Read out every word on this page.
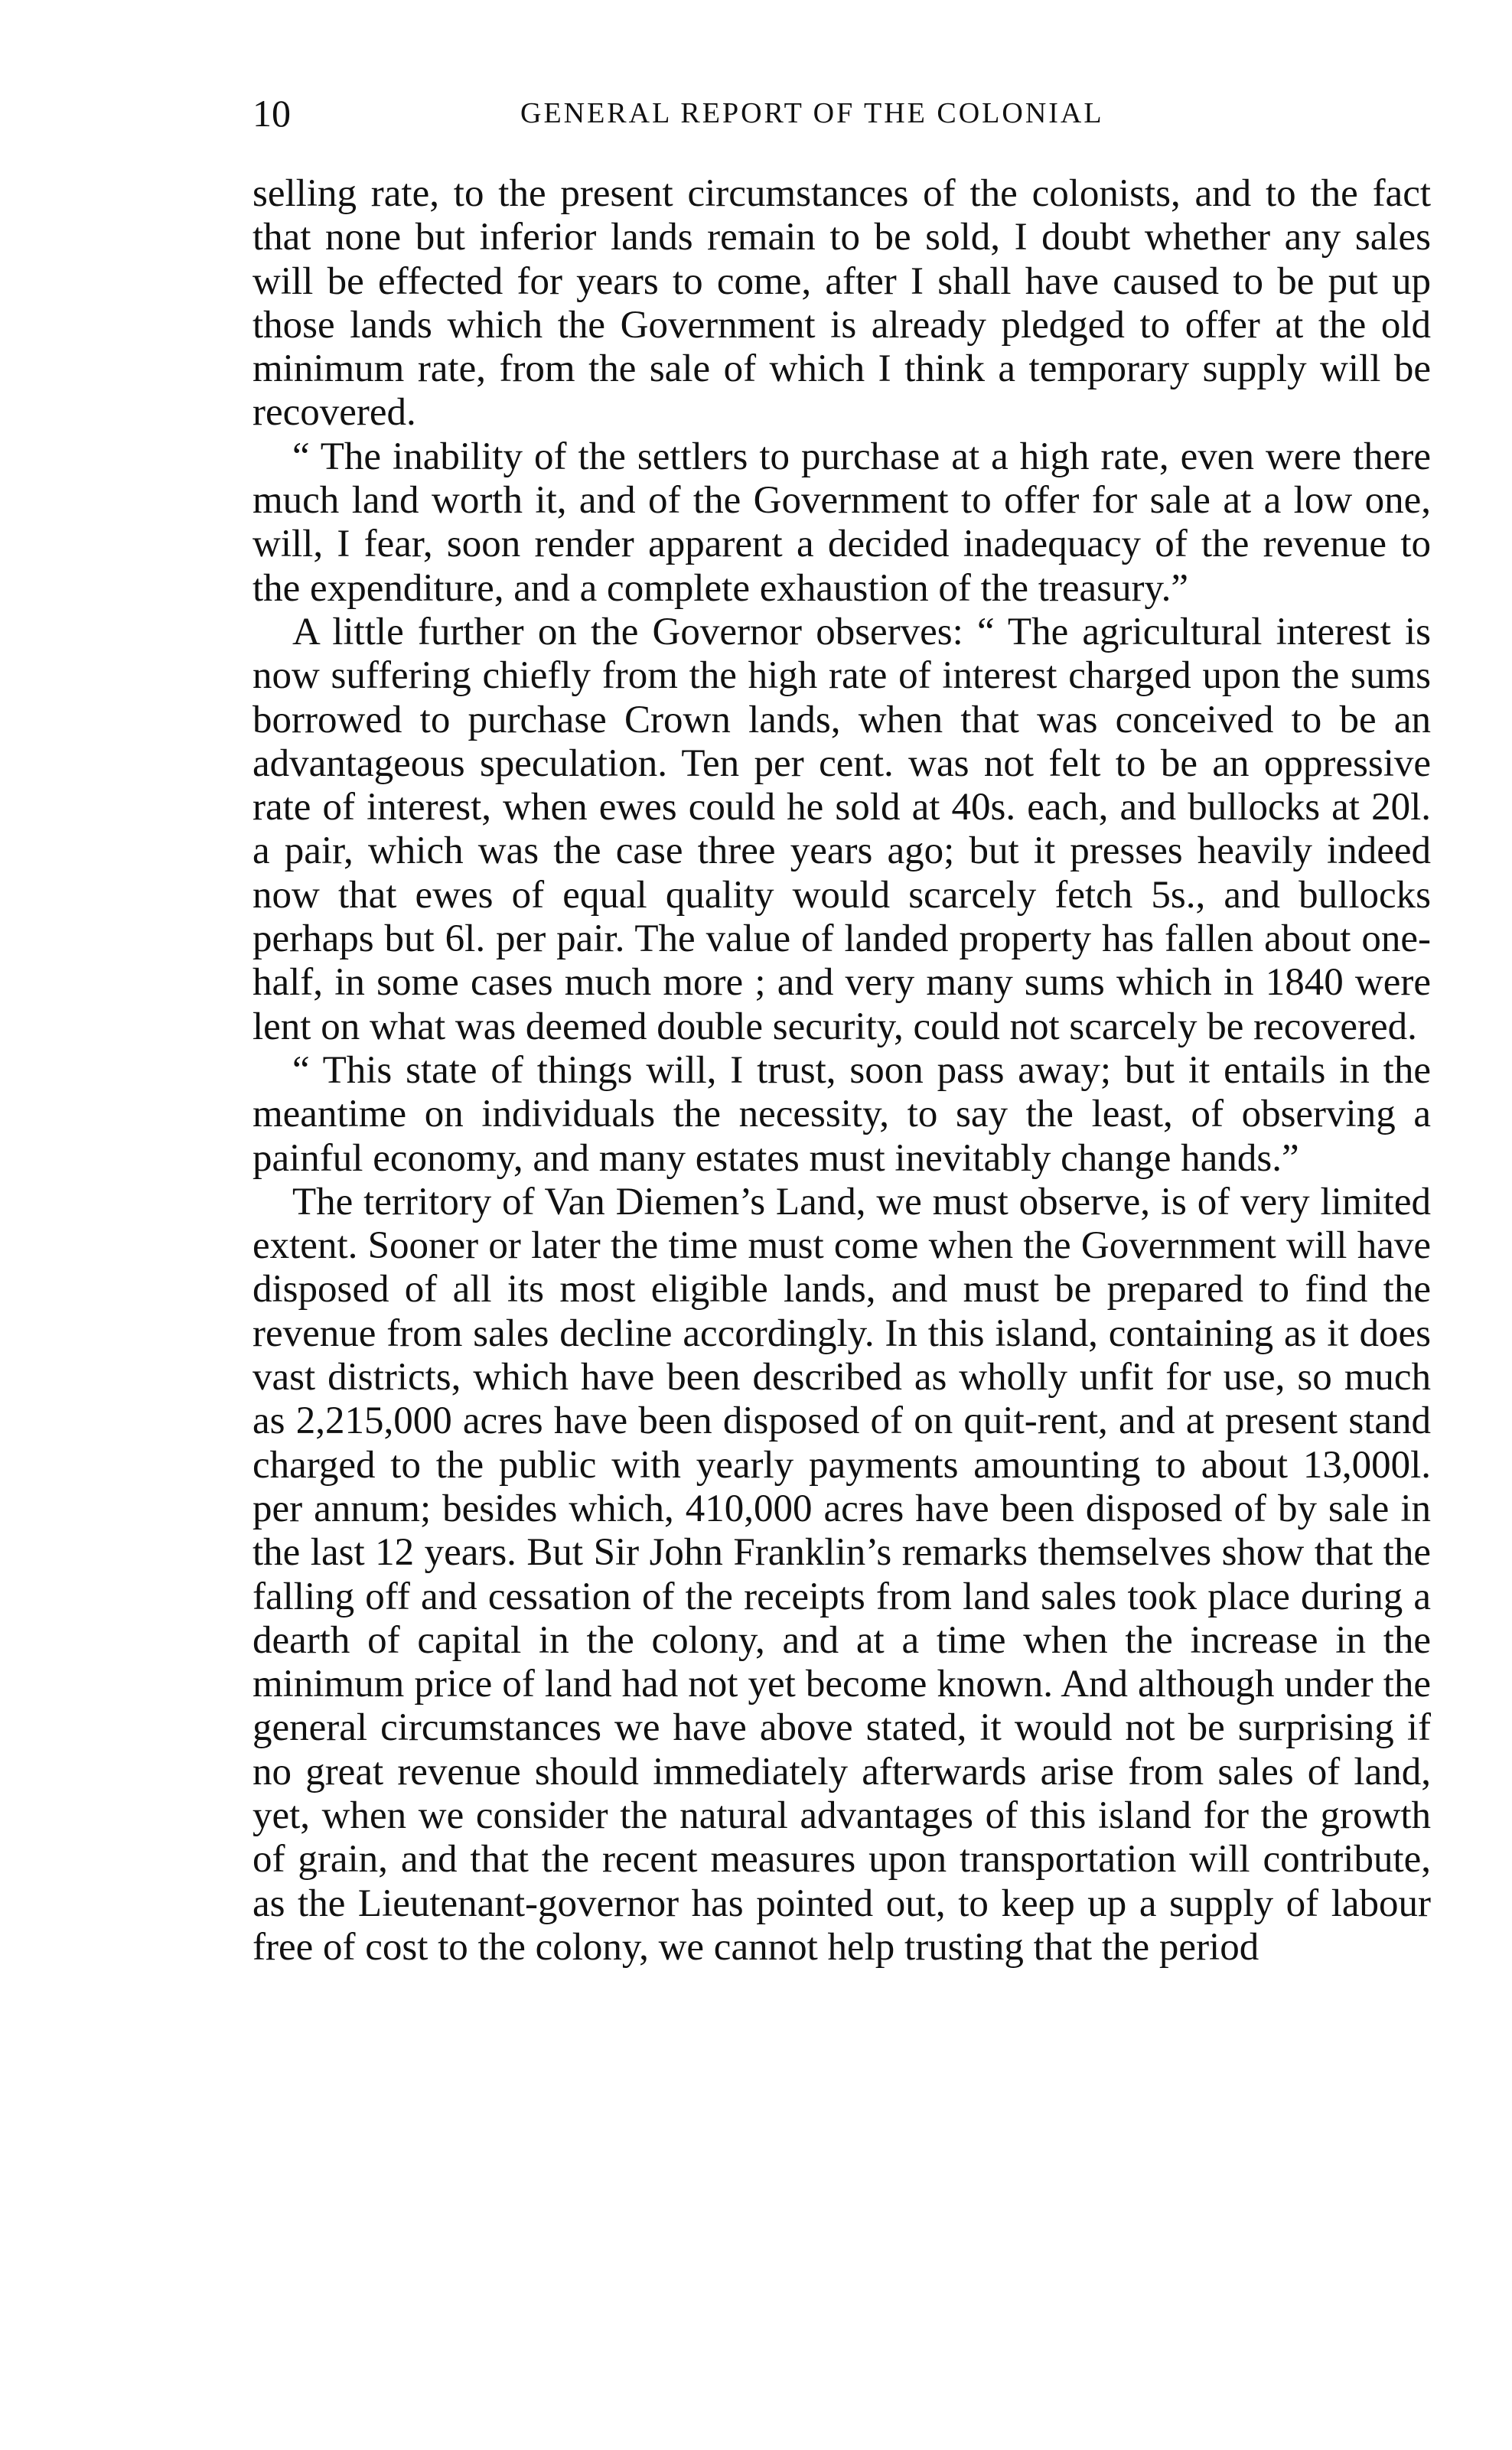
10	GENERAL REPORT OF THE COLONIAL

selling rate, to the present circumstances of the colonists, and to the fact that none but inferior lands remain to be sold, I doubt whether any sales will be effected for years to come, after I shall have caused to be put up those lands which the Government is already pledged to offer at the old minimum rate, from the sale of which I think a temporary supply will be recovered.

“ The inability of the settlers to purchase at a high rate, even were there much land worth it, and of the Government to offer for sale at a low one, will, I fear, soon render apparent a decided inadequacy of the revenue to the expenditure, and a complete exhaustion of the treasury.”

A little further on the Governor observes: “ The agricultural interest is now suffering chiefly from the high rate of interest charged upon the sums borrowed to purchase Crown lands, when that was conceived to be an advantageous speculation. Ten per cent. was not felt to be an oppressive rate of interest, when ewes could he sold at 40s. each, and bullocks at 20l. a pair, which was the case three years ago; but it presses heavily indeed now that ewes of equal quality would scarcely fetch 5s., and bullocks perhaps but 6l. per pair. The value of landed property has fallen about one-half, in some cases much more ; and very many sums which in 1840 were lent on what was deemed double security, could not scarcely be recovered.

“ This state of things will, I trust, soon pass away; but it entails in the meantime on individuals the necessity, to say the least, of observing a painful economy, and many estates must inevitably change hands.”

The territory of Van Diemen’s Land, we must observe, is of very limited extent. Sooner or later the time must come when the Government will have disposed of all its most eligible lands, and must be prepared to find the revenue from sales decline accordingly. In this island, containing as it does vast districts, which have been described as wholly unfit for use, so much as 2,215,000 acres have been disposed of on quit-rent, and at present stand charged to the public with yearly payments amounting to about 13,000l. per annum; besides which, 410,000 acres have been disposed of by sale in the last 12 years. But Sir John Franklin’s remarks themselves show that the falling off and cessation of the receipts from land sales took place during a dearth of capital in the colony, and at a time when the increase in the minimum price of land had not yet become known. And although under the general circumstances we have above stated, it would not be surprising if no great revenue should immediately afterwards arise from sales of land, yet, when we consider the natural advantages of this island for the growth of grain, and that the recent measures upon transportation will contribute, as the Lieutenant-governor has pointed out, to keep up a supply of labour free of cost to the colony, we cannot help trusting that the period
